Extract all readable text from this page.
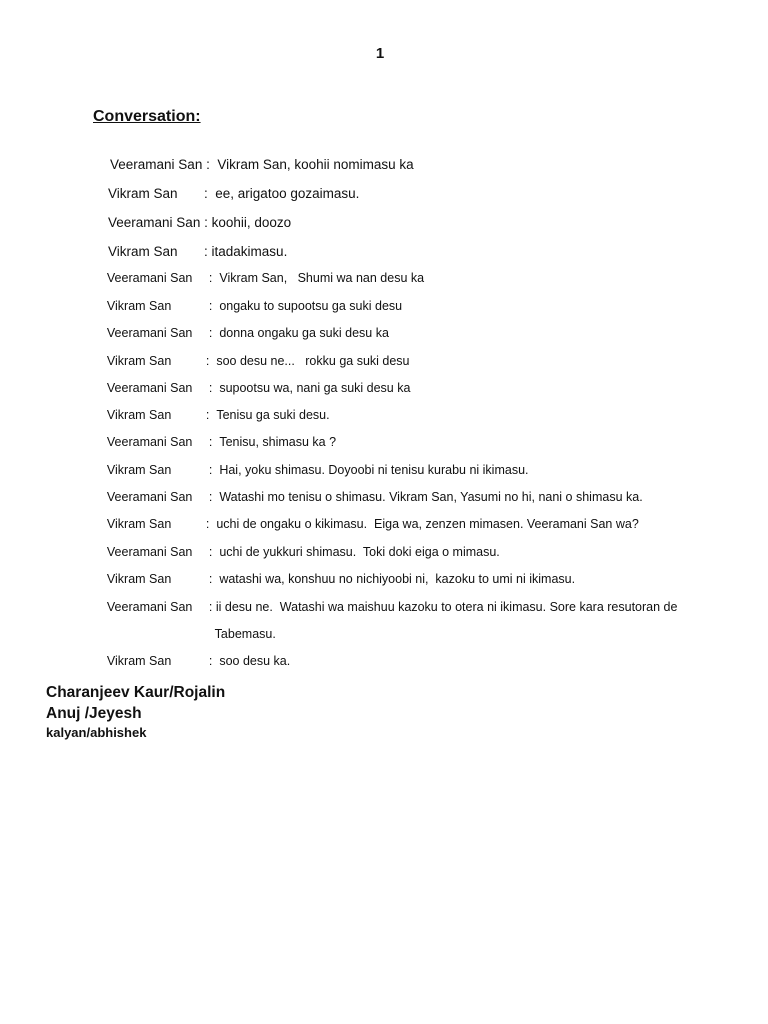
1
Conversation:

Veeramani San :  Vikram San, koohii nomimasu ka

Vikram San :  ee, arigatoo gozaimasu.

Veeramani San : koohii, doozo

Vikram San : itadakimasu.

Veeramani San :  Vikram San,   Shumi wa nan desu ka

Vikram San	:  ongaku to supootsu ga suki desu

Veeramani San :  donna ongaku ga suki desu ka

Vikram San	:  soo desu ne...   rokku ga suki desu

Veeramani San :  supootsu wa, nani ga suki desu ka

Vikram San	:  Tenisu ga suki desu.

Veeramani San :  Tenisu, shimasu ka ?

Vikram San	:  Hai, yoku shimasu. Doyoobi ni tenisu kurabu ni ikimasu.

Veeramani San :  Watashi mo tenisu o shimasu. Vikram San, Yasumi no hi, nani o shimasu ka.

Vikram San	:  uchi de ongaku o kikimasu.  Eiga wa, zenzen mimasen. Veeramani San wa?

Veeramani San :  uchi de yukkuri shimasu.  Toki doki eiga o mimasu.

Vikram San	:  watashi wa, konshuu no nichiyoobi ni,  kazoku to umi ni ikimasu.

Veeramani San : ii desu ne.  Watashi wa maishuu kazoku to otera ni ikimasu. Sore kara resutoran de

Tabemasu.

Vikram San	:  soo desu ka.

Charanjeev Kaur/Rojalin
Anuj /Jeyesh
kalyan/abhishek
